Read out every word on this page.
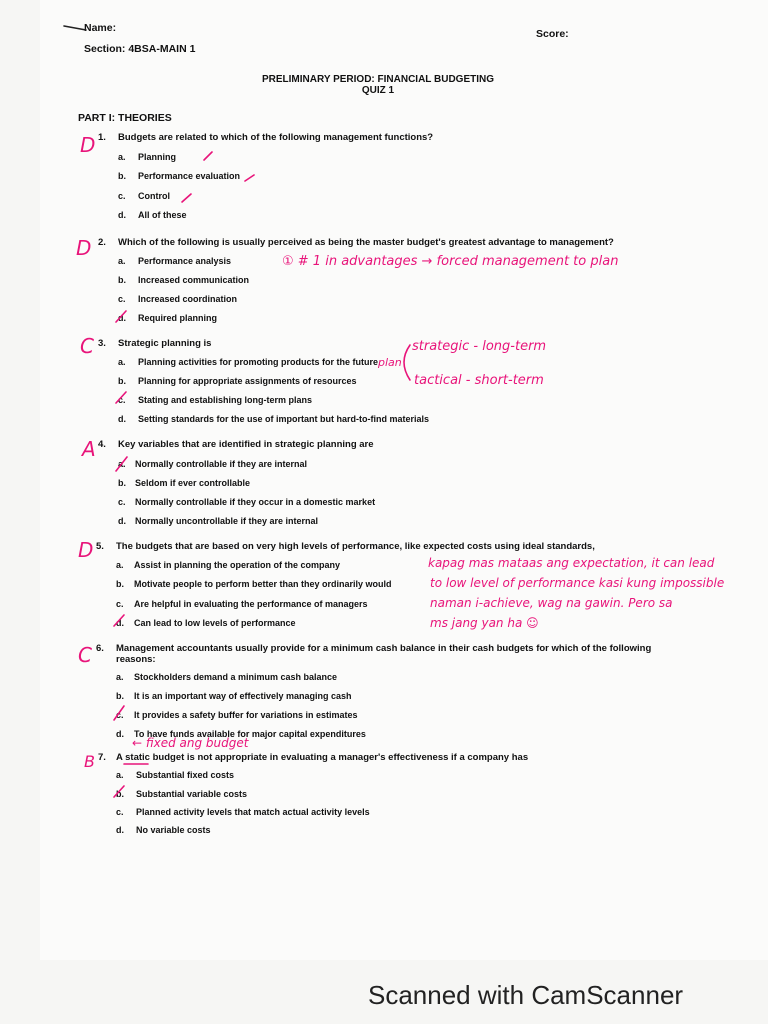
Name:	Score:
Section: 4BSA-MAIN 1
PRELIMINARY PERIOD: FINANCIAL BUDGETING
QUIZ 1
PART I: THEORIES
D 1. Budgets are related to which of the following management functions?
a. Planning
b. Performance evaluation
c. Control
d. All of these
D 2. Which of the following is usually perceived as being the master budget's greatest advantage to management?
a. Performance analysis
b. Increased communication
c. Increased coordination
d. Required planning
① # 1 in advantages → forced management to plan
C 3. Strategic planning is
a. Planning activities for promoting products for the future
b. Planning for appropriate assignments of resources
c. Stating and establishing long-term plans
d. Setting standards for the use of important but hard-to-find materials
plan
strategic - long-term
tactical - short-term
A 4. Key variables that are identified in strategic planning are
a. Normally controllable if they are internal
b. Seldom if ever controllable
c. Normally controllable if they occur in a domestic market
d. Normally uncontrollable if they are internal
D 5. The budgets that are based on very high levels of performance, like expected costs using ideal standards,
a. Assist in planning the operation of the company
b. Motivate people to perform better than they ordinarily would
c. Are helpful in evaluating the performance of managers
d. Can lead to low levels of performance
kapag mas mataas ang expectation, it can lead
to low level of performance kasi kung impossible
naman i-achieve, wag na gawin. Pero sa
ms jang yan ha ☺
C 6. Management accountants usually provide for a minimum cash balance in their cash budgets for which of the following
reasons:
a. Stockholders demand a minimum cash balance
b. It is an important way of effectively managing cash
c. It provides a safety buffer for variations in estimates
d. To have funds available for major capital expenditures
B 7. A static budget is not appropriate in evaluating a manager's effectiveness if a company has
← fixed ang budget
a. Substantial fixed costs
b. Substantial variable costs
c. Planned activity levels that match actual activity levels
d. No variable costs
Scanned with CamScanner
